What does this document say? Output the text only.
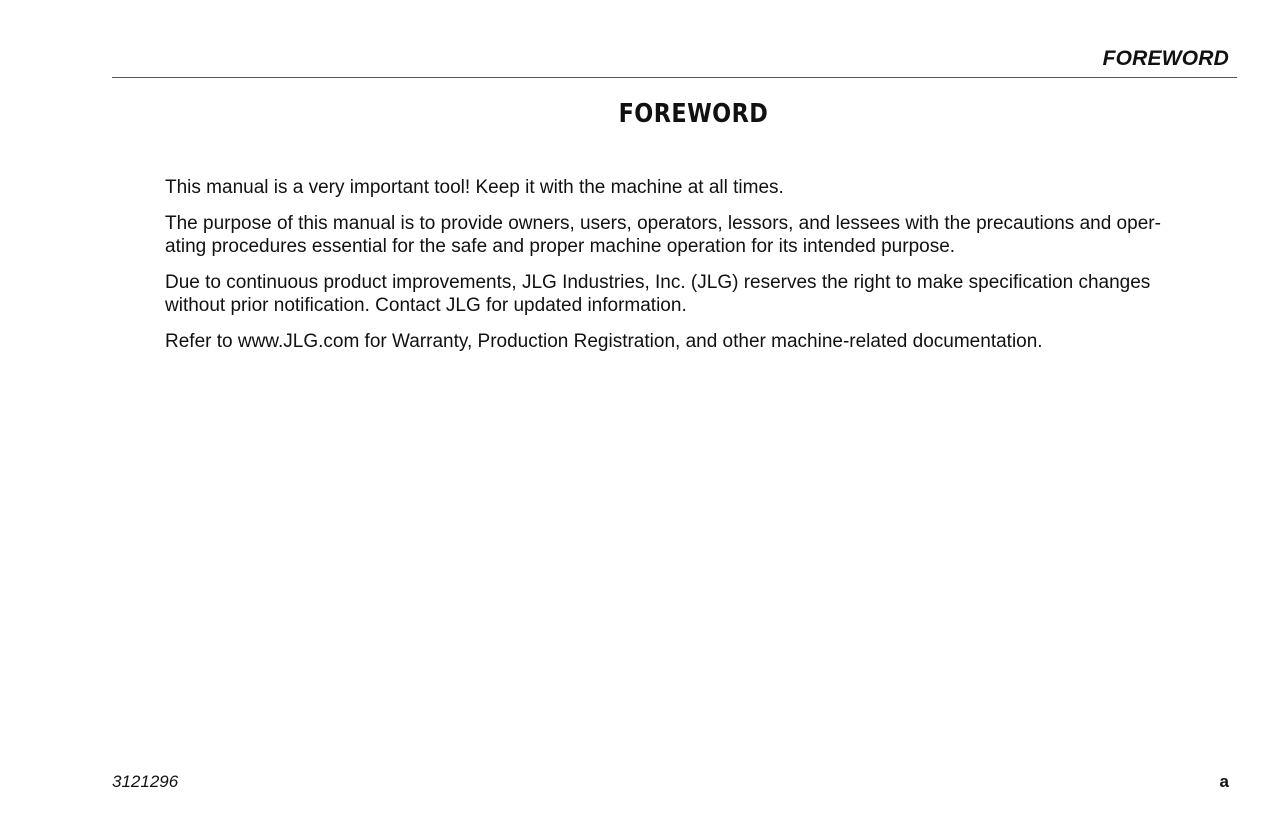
FOREWORD
FOREWORD

This manual is a very important tool! Keep it with the machine at all times.

The purpose of this manual is to provide owners, users, operators, lessors, and lessees with the precautions and oper-ating procedures essential for the safe and proper machine operation for its intended purpose.

Due to continuous product improvements, JLG Industries, Inc. (JLG) reserves the right to make specification changes without prior notification. Contact JLG for updated information.

Refer to www.JLG.com for Warranty, Production Registration, and other machine-related documentation.

3121296	a
